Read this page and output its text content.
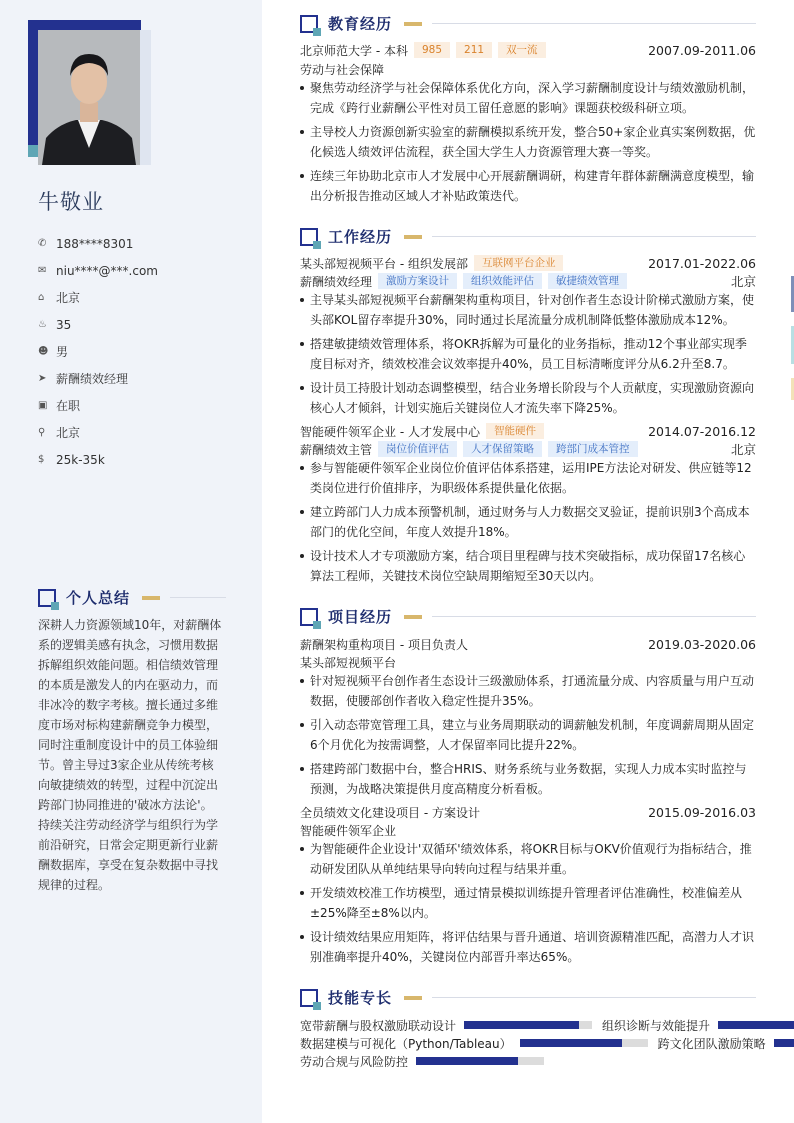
牛敬业
✆ 188****8301
✉ niu****@***.com
⌂ 北京
♨ 35
☻ 男
➤ 薪酬绩效经理
▣ 在职
⚲ 北京
$ 25k-35k
个人总结
深耕人力资源领域10年，对薪酬体系的逻辑美感有执念，习惯用数据拆解组织效能问题。相信绩效管理的本质是激发人的内在驱动力，而非冰冷的数字考核。擅长通过多维度市场对标构建薪酬竞争力模型，同时注重制度设计中的员工体验细节。曾主导过3家企业从传统考核向敏捷绩效的转型，过程中沉淀出跨部门协同推进的'破冰方法论'。持续关注劳动经济学与组织行为学前沿研究，日常会定期更新行业薪酬数据库，享受在复杂数据中寻找规律的过程。
教育经历
北京师范大学 - 本科	985	211	双一流	2007.09-2011.06
劳动与社会保障
聚焦劳动经济学与社会保障体系优化方向，深入学习薪酬制度设计与绩效激励机制，完成《跨行业薪酬公平性对员工留任意愿的影响》课题获校级科研立项。
主导校人力资源创新实验室的薪酬模拟系统开发，整合50+家企业真实案例数据，优化候选人绩效评估流程，获全国大学生人力资源管理大赛一等奖。
连续三年协助北京市人才发展中心开展薪酬调研，构建青年群体薪酬满意度模型，输出分析报告推动区域人才补贴政策迭代。
工作经历
某头部短视频平台 - 组织发展部	互联网平台企业	2017.01-2022.06
薪酬绩效经理	激励方案设计	组织效能评估	敏捷绩效管理	北京
主导某头部短视频平台薪酬架构重构项目，针对创作者生态设计阶梯式激励方案，使头部KOL留存率提升30%，同时通过长尾流量分成机制降低整体激励成本12%。
搭建敏捷绩效管理体系，将OKR拆解为可量化的业务指标，推动12个事业部实现季度目标对齐，绩效校准会议效率提升40%，员工目标清晰度评分从6.2升至8.7。
设计员工持股计划动态调整模型，结合业务增长阶段与个人贡献度，实现激励资源向核心人才倾斜，计划实施后关键岗位人才流失率下降25%。
智能硬件领军企业 - 人才发展中心	智能硬件	2014.07-2016.12
薪酬绩效主管	岗位价值评估	人才保留策略	跨部门成本管控	北京
参与智能硬件领军企业岗位价值评估体系搭建，运用IPE方法论对研发、供应链等12类岗位进行价值排序，为职级体系提供量化依据。
建立跨部门人力成本预警机制，通过财务与人力数据交叉验证，提前识别3个高成本部门的优化空间，年度人效提升18%。
设计技术人才专项激励方案，结合项目里程碑与技术突破指标，成功保留17名核心算法工程师，关键技术岗位空缺周期缩短至30天以内。
项目经历
薪酬架构重构项目 - 项目负责人	2019.03-2020.06
某头部短视频平台
针对短视频平台创作者生态设计三级激励体系，打通流量分成、内容质量与用户互动数据，使腰部创作者收入稳定性提升35%。
引入动态带宽管理工具，建立与业务周期联动的调薪触发机制，年度调薪周期从固定6个月优化为按需调整，人才保留率同比提升22%。
搭建跨部门数据中台，整合HRIS、财务系统与业务数据，实现人力成本实时监控与预测，为战略决策提供月度高精度分析看板。
全员绩效文化建设项目 - 方案设计	2015.09-2016.03
智能硬件领军企业
为智能硬件企业设计'双循环'绩效体系，将OKR目标与OKV价值观行为指标结合，推动研发团队从单纯结果导向转向过程与结果并重。
开发绩效校准工作坊模型，通过情景模拟训练提升管理者评估准确性，校准偏差从±25%降至±8%以内。
设计绩效结果应用矩阵，将评估结果与晋升通道、培训资源精准匹配，高潜力人才识别准确率提升40%，关键岗位内部晋升率达65%。
技能专长
宽带薪酬与股权激励联动设计	组织诊断与效能提升
数据建模与可视化（Python/Tableau）	跨文化团队激励策略
劳动合规与风险防控
